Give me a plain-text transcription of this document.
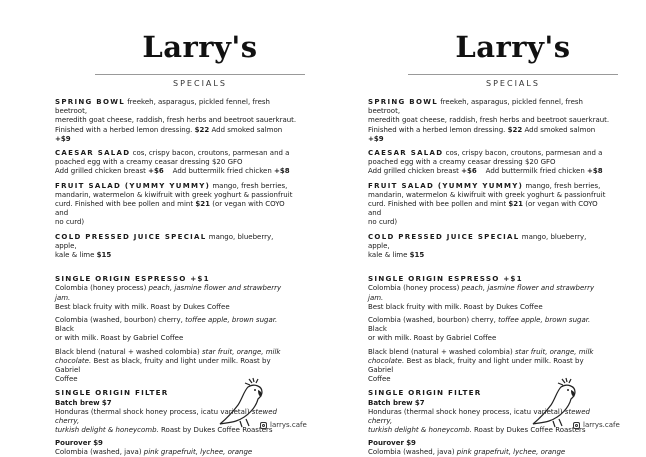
Larry's
SPECIALS
SPRING BOWL freekeh, asparagus, pickled fennel, fresh beetroot,
meredith goat cheese, raddish, fresh herbs and beetroot sauerkraut.
Finished with a herbed lemon dressing. $22 Add smoked salmon +$9
CAESAR SALAD cos, crispy bacon, croutons, parmesan and a
poached egg with a creamy ceasar dressing $20 GFO
Add grilled chicken breast +$6 Add buttermilk fried chicken +$8
FRUIT SALAD (YUMMY YUMMY) mango, fresh berries,
mandarin, watermelon & kiwifruit with greek yoghurt & passionfruit
curd. Finished with bee pollen and mint $21 (or vegan with COYO and
no curd)
COLD PRESSED JUICE SPECIAL mango, blueberry, apple,
kale & lime $15
SINGLE ORIGIN ESPRESSO +$1
Colombia (honey process) peach, jasmine flower and strawberry jam.
Best black fruity with milk. Roast by Dukes Coffee
Colombia (washed, bourbon) cherry, toffee apple, brown sugar. Black
or with milk. Roast by Gabriel Coffee
Black blend (natural + washed colombia) star fruit, orange, milk
chocolate. Best as black, fruity and light under milk. Roast by Gabriel
Coffee
SINGLE ORIGIN FILTER
Batch brew $7
Honduras (thermal shock honey process, icatu varietal) stewed cherry,
turkish delight & honeycomb. Roast by Dukes Coffee Roasters
Pourover $9
Colombia (washed, java) pink grapefruit, lychee, orange
larrys.cafe
Larry's
SPECIALS
SPRING BOWL freekeh, asparagus, pickled fennel, fresh beetroot,
meredith goat cheese, raddish, fresh herbs and beetroot sauerkraut.
Finished with a herbed lemon dressing. $22 Add smoked salmon +$9
CAESAR SALAD cos, crispy bacon, croutons, parmesan and a
poached egg with a creamy ceasar dressing $20 GFO
Add grilled chicken breast +$6 Add buttermilk fried chicken +$8
FRUIT SALAD (YUMMY YUMMY) mango, fresh berries,
mandarin, watermelon & kiwifruit with greek yoghurt & passionfruit
curd. Finished with bee pollen and mint $21 (or vegan with COYO and
no curd)
COLD PRESSED JUICE SPECIAL mango, blueberry, apple,
kale & lime $15
SINGLE ORIGIN ESPRESSO +$1
Colombia (honey process) peach, jasmine flower and strawberry jam.
Best black fruity with milk. Roast by Dukes Coffee
Colombia (washed, bourbon) cherry, toffee apple, brown sugar. Black
or with milk. Roast by Gabriel Coffee
Black blend (natural + washed colombia) star fruit, orange, milk
chocolate. Best as black, fruity and light under milk. Roast by Gabriel
Coffee
SINGLE ORIGIN FILTER
Batch brew $7
Honduras (thermal shock honey process, icatu varietal) stewed cherry,
turkish delight & honeycomb. Roast by Dukes Coffee Roasters
Pourover $9
Colombia (washed, java) pink grapefruit, lychee, orange
larrys.cafe
